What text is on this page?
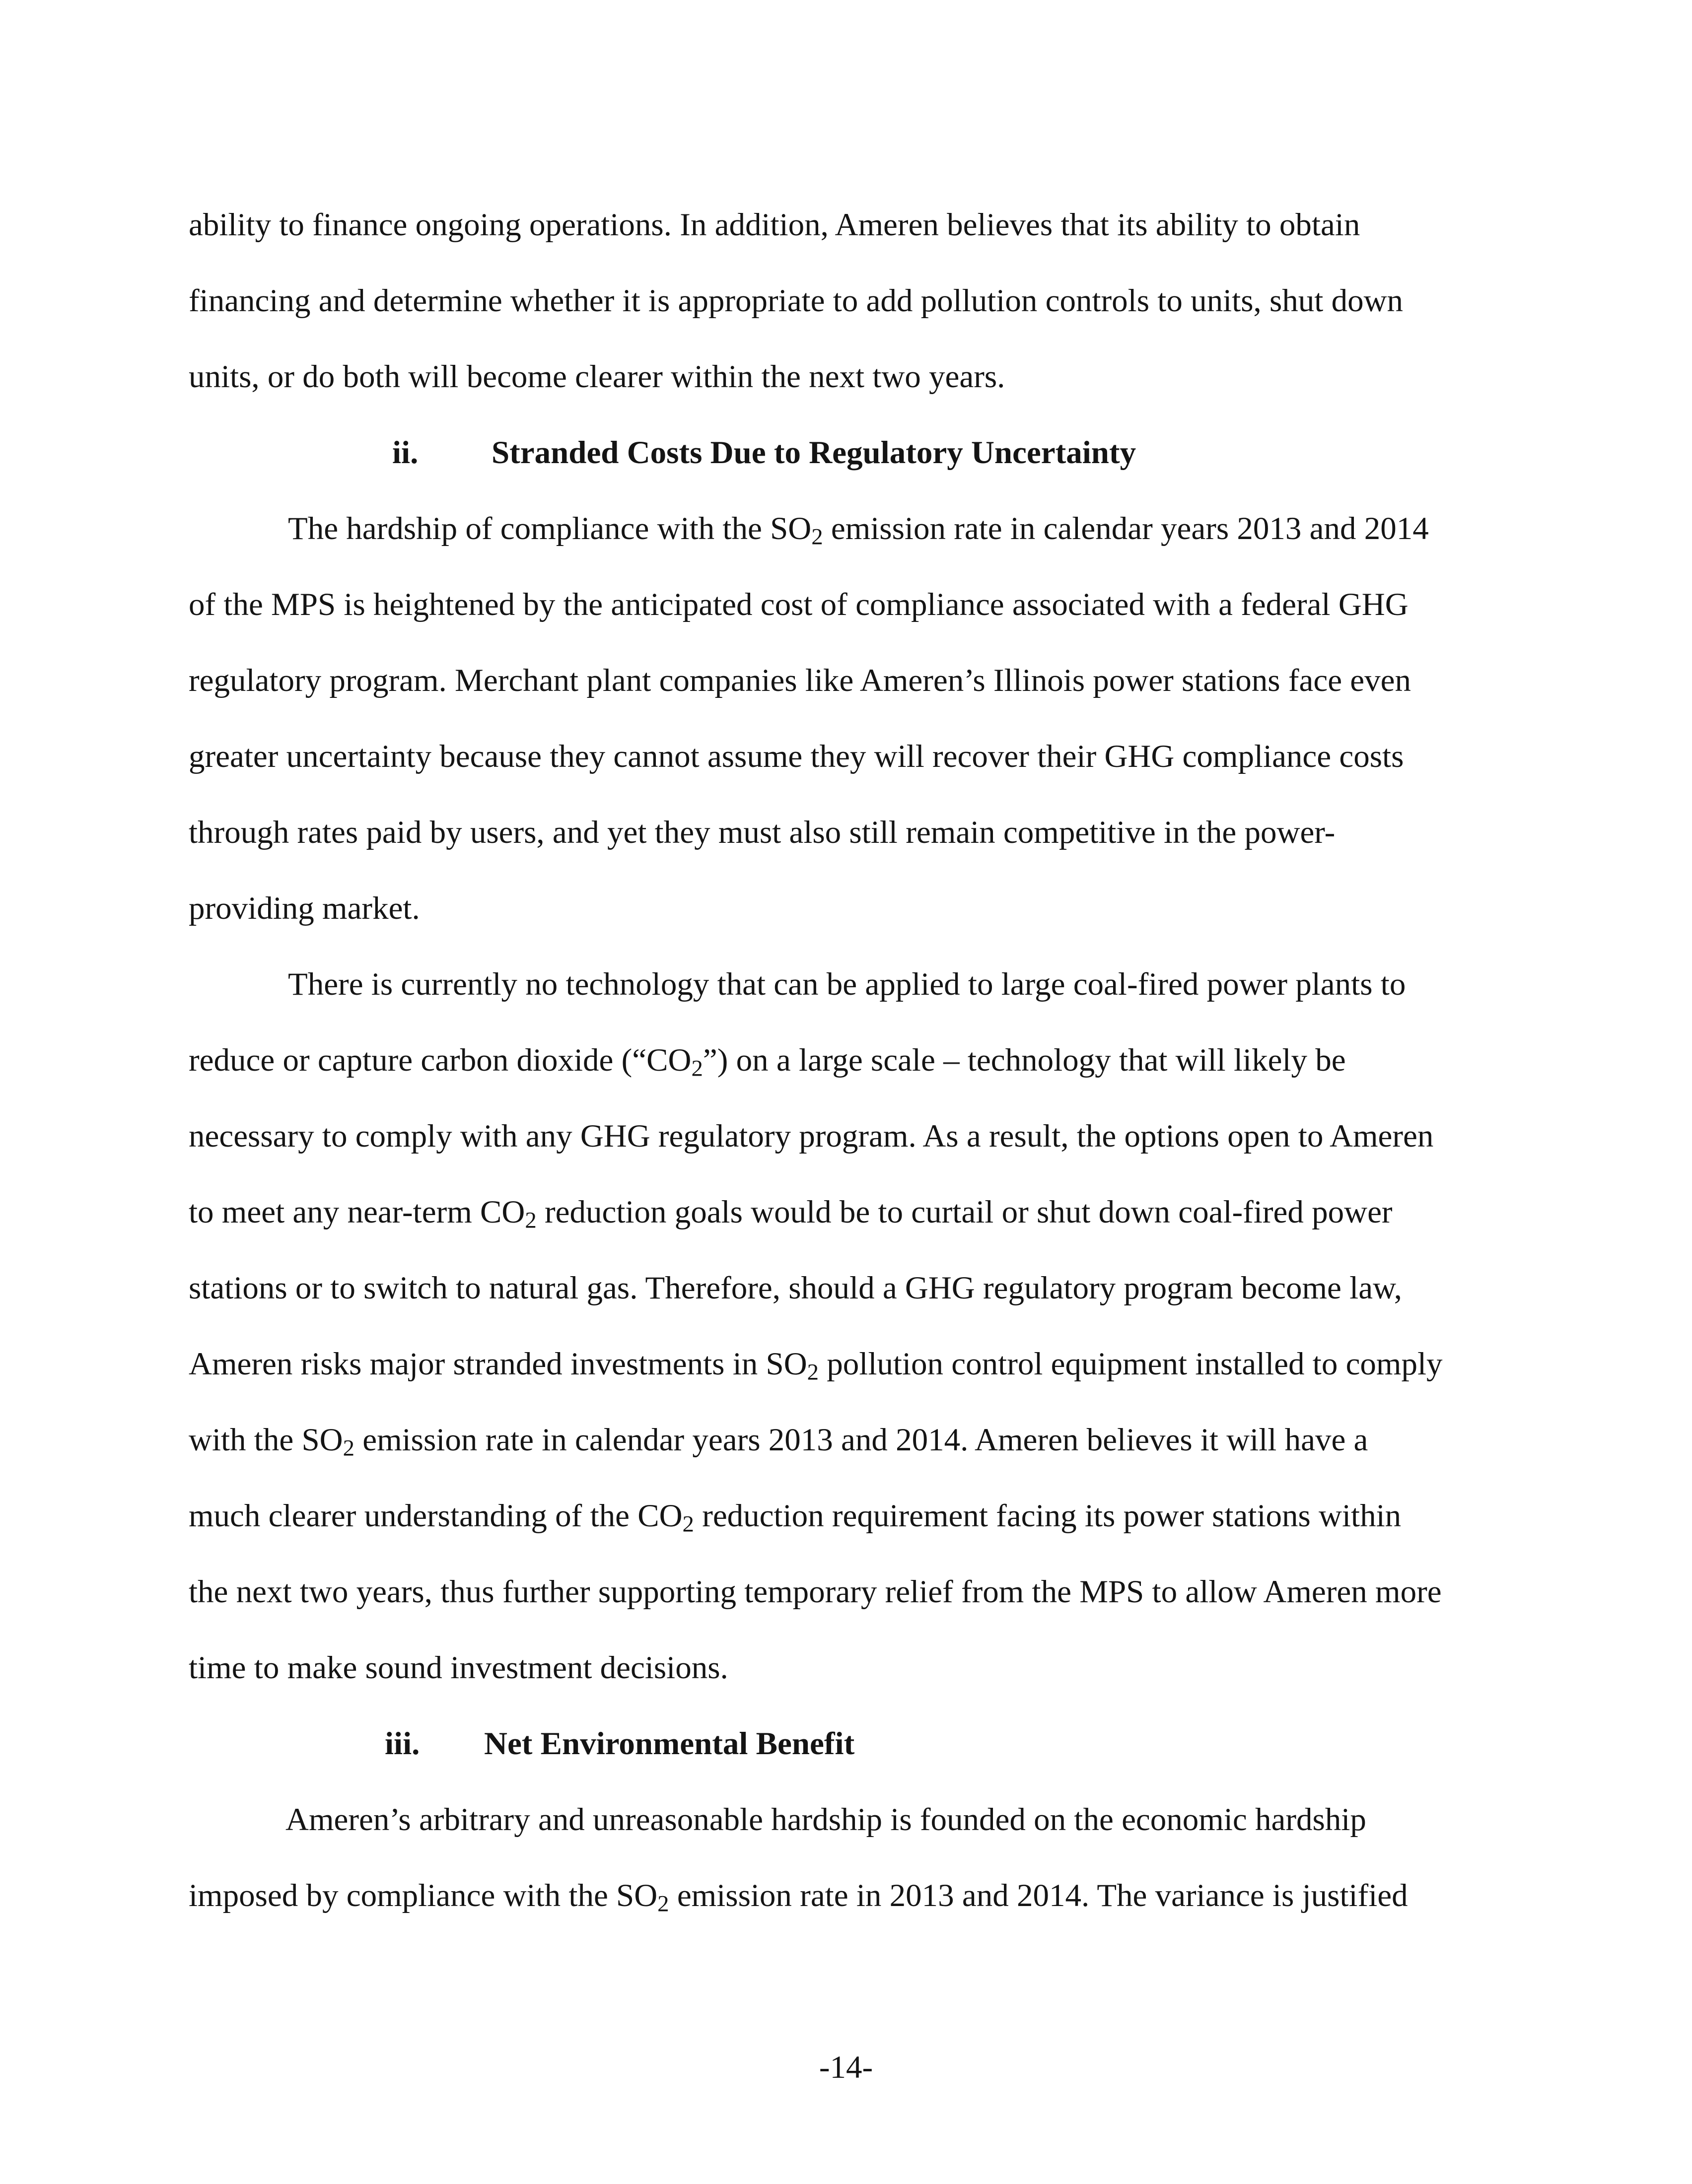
ability to finance ongoing operations. In addition, Ameren believes that its ability to obtain
financing and determine whether it is appropriate to add pollution controls to units, shut down
units, or do both will become clearer within the next two years.
ii. Stranded Costs Due to Regulatory Uncertainty
The hardship of compliance with the $SO_2$ emission rate in calendar years 2013 and 2014
of the MPS is heightened by the anticipated cost of compliance associated with a federal GHG
regulatory program. Merchant plant companies like Ameren’s Illinois power stations face even
greater uncertainty because they cannot assume they will recover their GHG compliance costs
through rates paid by users, and yet they must also still remain competitive in the power-
providing market.
There is currently no technology that can be applied to large coal-fired power plants to
reduce or capture carbon dioxide $(“CO_2”)$ on a large scale – technology that will likely be
necessary to comply with any GHG regulatory program. As a result, the options open to Ameren
to meet any near-term $CO_2$ reduction goals would be to curtail or shut down coal-fired power
stations or to switch to natural gas. Therefore, should a GHG regulatory program become law,
Ameren risks major stranded investments in $SO_2$ pollution control equipment installed to comply
with the $SO_2$ emission rate in calendar years 2013 and 2014. Ameren believes it will have a
much clearer understanding of the $CO_2$ reduction requirement facing its power stations within
the next two years, thus further supporting temporary relief from the MPS to allow Ameren more
time to make sound investment decisions.
iii. Net Environmental Benefit
Ameren’s arbitrary and unreasonable hardship is founded on the economic hardship
imposed by compliance with the $SO_2$ emission rate in 2013 and 2014. The variance is justified
-14-
